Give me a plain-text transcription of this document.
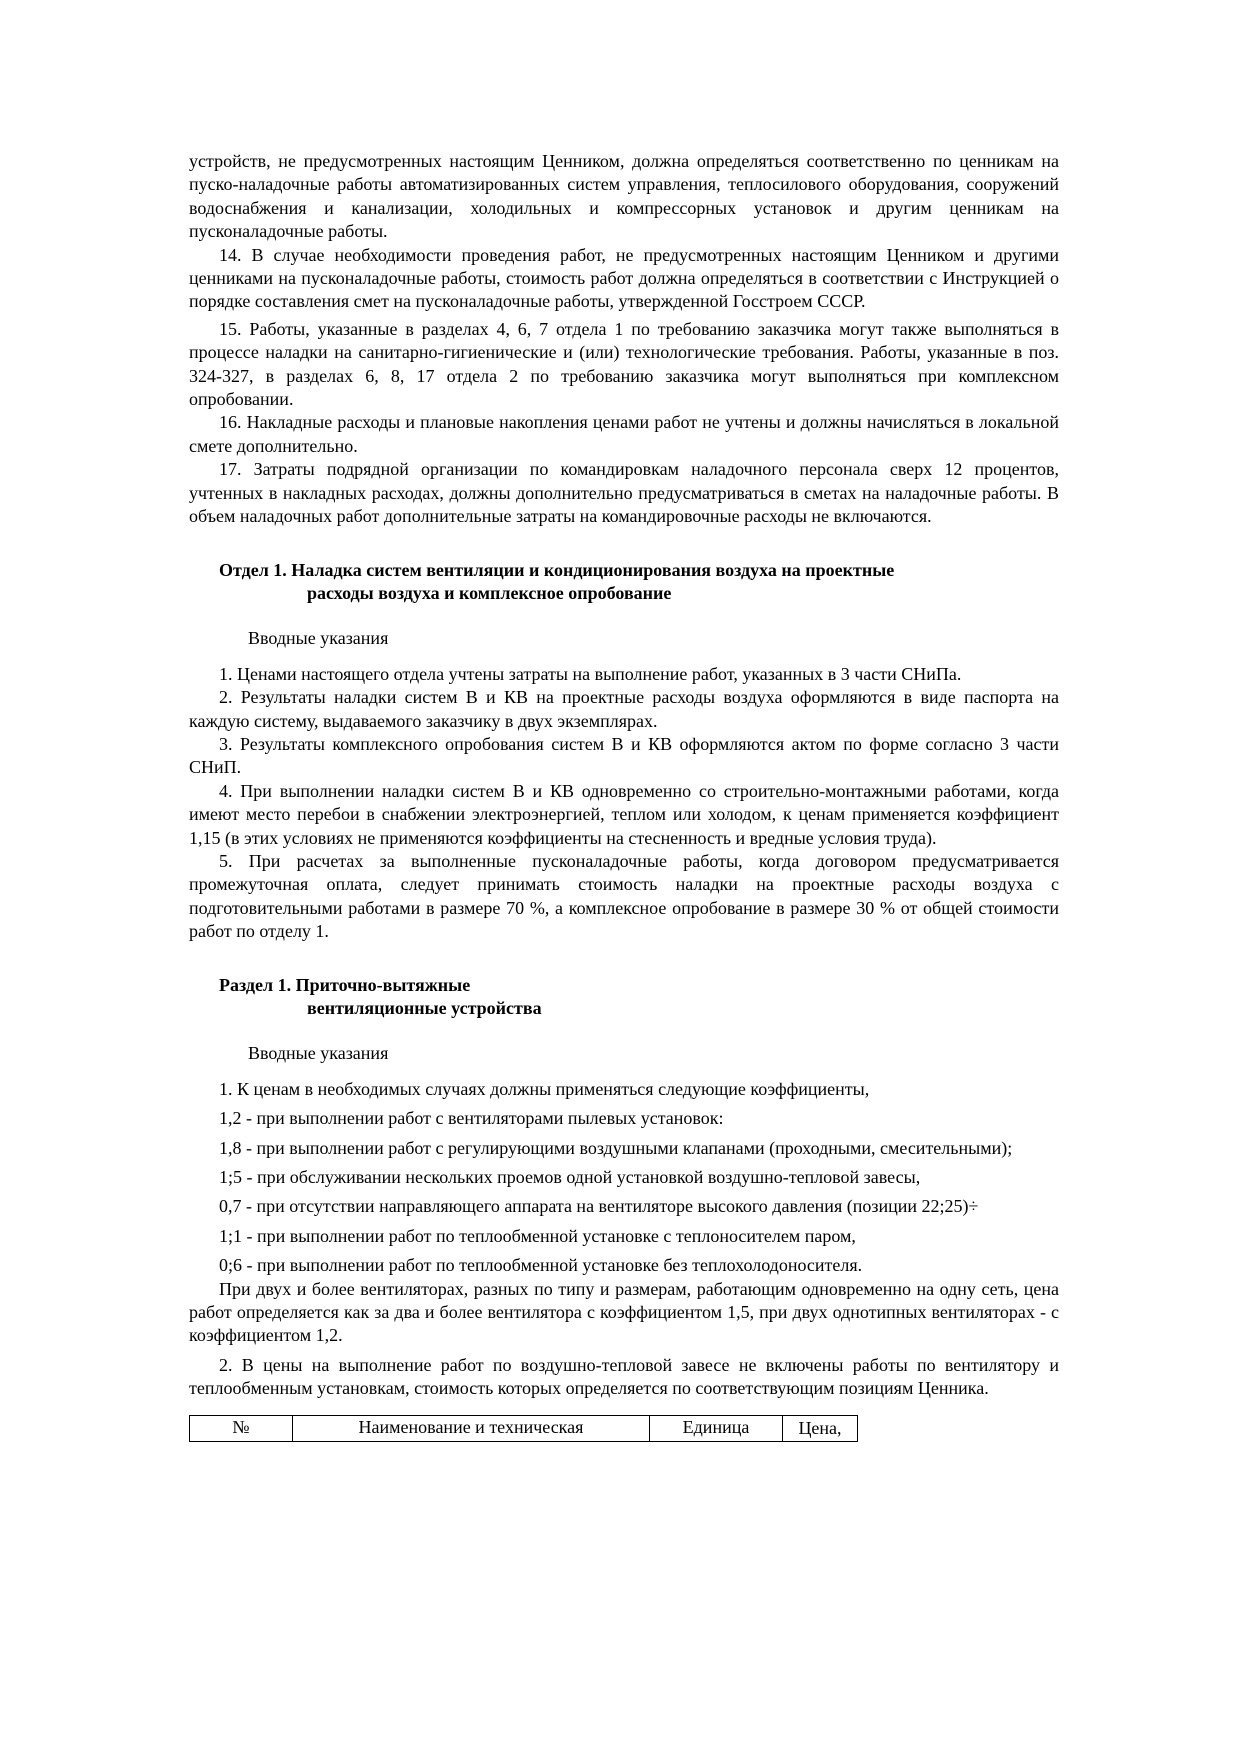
устройств, не предусмотренных настоящим Ценником, должна определяться соответственно по ценникам на пуско-наладочные работы автоматизированных систем управления, теплосилового оборудования, сооружений водоснабжения и канализации, холодильных и компрессорных установок и другим ценникам на пусконаладочные работы.

14. В случае необходимости проведения работ, не предусмотренных настоящим Ценником и другими ценниками на пусконаладочные работы, стоимость работ должна определяться в соответствии с Инструкцией о порядке составления смет на пусконаладочные работы, утвержденной Госстроем СССР.

15. Работы, указанные в разделах 4, 6, 7 отдела 1 по требованию заказчика могут также выполняться в процессе наладки на санитарно-гигиенические и (или) технологические требования. Работы, указанные в поз. 324-327, в разделах 6, 8, 17 отдела 2 по требованию заказчика могут выполняться при комплексном опробовании.

16. Накладные расходы и плановые накопления ценами работ не учтены и должны начисляться в локальной смете дополнительно.

17. Затраты подрядной организации по командировкам наладочного персонала сверх 12 процентов, учтенных в накладных расходах, должны дополнительно предусматриваться в сметах на наладочные работы. В объем наладочных работ дополнительные затраты на командировочные расходы не включаются.

Отдел 1. Наладка систем вентиляции и кондиционирования воздуха на проектные
расходы воздуха и комплексное опробование

Вводные указания

1. Ценами настоящего отдела учтены затраты на выполнение работ, указанных в 3 части СНиПа.

2. Результаты наладки систем В и КВ на проектные расходы воздуха оформляются в виде паспорта на каждую систему, выдаваемого заказчику в двух экземплярах.

3. Результаты комплексного опробования систем В и КВ оформляются актом по форме согласно 3 части СНиП.

4. При выполнении наладки систем В и КВ одновременно со строительно-монтажными работами, когда имеют место перебои в снабжении электроэнергией, теплом или холодом, к ценам применяется коэффициент 1,15 (в этих условиях не применяются коэффициенты на стесненность и вредные условия труда).

5. При расчетах за выполненные пусконаладочные работы, когда договором предусматривается промежуточная оплата, следует принимать стоимость наладки на проектные расходы воздуха с подготовительными работами в размере 70 %, а комплексное опробование в размере 30 % от общей стоимости работ по отделу 1.

Раздел 1. Приточно-вытяжные
вентиляционные устройства

Вводные указания

1. К ценам в необходимых случаях должны применяться следующие коэффициенты,

1,2 - при выполнении работ с вентиляторами пылевых установок:

1,8 - при выполнении работ с регулирующими воздушными клапанами (проходными, смесительными);

1;5 - при обслуживании нескольких проемов одной установкой воздушно-тепловой завесы,

0,7 - при отсутствии направляющего аппарата на вентиляторе высокого давления (позиции 22;25)÷

1;1 - при выполнении работ по теплообменной установке с теплоносителем паром,

0;6 - при выполнении работ по теплообменной установке без теплохолодоносителя.

При двух и более вентиляторах, разных по типу и размерам, работающим одновременно на одну сеть, цена работ определяется как за два и более вентилятора с коэффициентом 1,5, при двух однотипных вентиляторах - с коэффициентом 1,2.

2. В цены на выполнение работ по воздушно-тепловой завесе не включены работы по вентилятору и теплообменным установкам, стоимость которых определяется по соответствующим позициям Ценника.

№	Наименование и техническая	Единица	Цена,
